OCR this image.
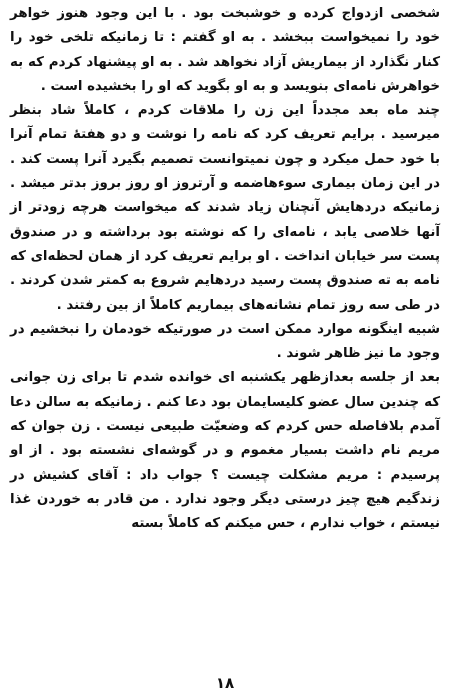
شخصی ازدواج کرده و خوشبخت بود . با این وجود هنوز خواهر خود را نمیخواست ببخشد . به او گفتم : تا زمانیکه تلخی خود را کنار نگذارد از بیماریش آزاد نخواهد شد . به او پیشنهاد کردم که به خواهرش نامه‌ای بنویسد و به او بگوید که او را بخشیده است .

چند ماه بعد مجدداً این زن را ملاقات کردم ، کاملاً شاد بنظر میرسید . برایم تعریف کرد که نامه را نوشت و دو هفتهٔ تمام آنرا با خود حمل میکرد و چون نمیتوانست تصمیم بگیرد آنرا پست کند . در این زمان بیماری سوءهاضمه و آرتروز او روز بروز بدتر میشد . زمانیکه دردهایش آنچنان زیاد شدند که میخواست هرچه زودتر از آنها خلاصی یابد ، نامه‌ای را که نوشته بود برداشته و در صندوق پست سر خیابان انداخت . او برایم تعریف کرد از همان لحظه‌ای که نامه به ته صندوق پست رسید دردهایم شروع به کمتر شدن کردند . در طی سه روز تمام نشانه‌های بیماریم کاملاً از بین رفتند .

شبیه اینگونه موارد ممکن است در صورتیکه خودمان را نبخشیم در وجود ما نیز ظاهر شوند .

بعد از جلسه بعدازظهر یکشنبه ای خوانده شدم تا برای زن جوانی که چندین سال عضو کلیسایمان بود دعا کنم . زمانیکه به سالن دعا آمدم بلافاصله حس کردم که وضعیّت طبیعی نیست . زن جوان که مریم نام داشت بسیار مغموم و در گوشه‌ای نشسته بود . از او پرسیدم : مریم مشکلت چیست ؟ جواب داد : آقای کشیش در زندگیم هیچ چیز درستی دیگر وجود ندارد . من قادر به خوردن غذا نیستم ، خواب ندارم ، حس میکنم که کاملاً بسته

۱۸
